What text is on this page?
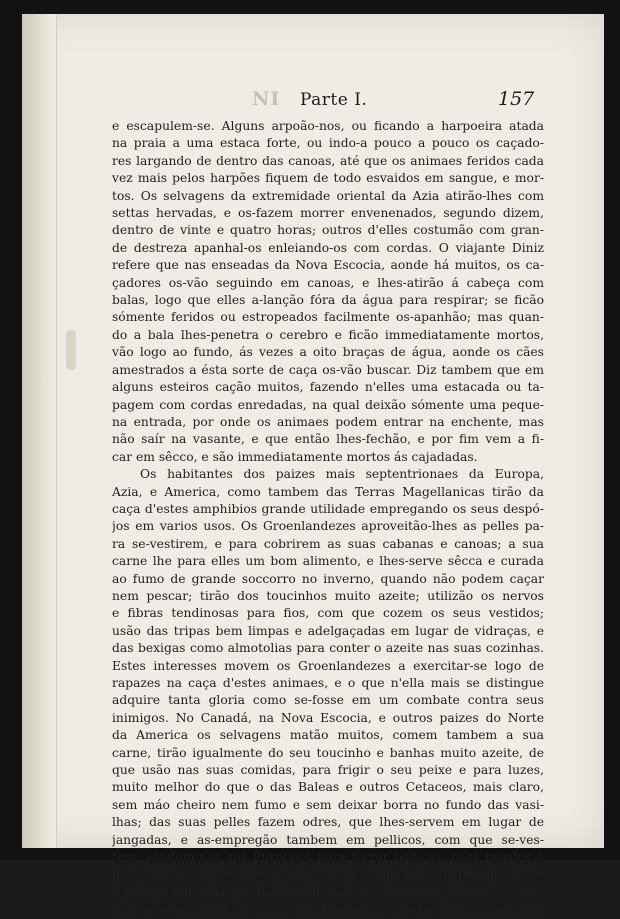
NI Parte I.	157
e escapulem-se. Alguns arpoão-nos, ou ficando a harpoeira atada
na praia a uma estaca forte, ou indo-a pouco a pouco os caçado-
res largando de dentro das canoas, até que os animaes feridos cada
vez mais pelos harpões fiquem de todo esvaidos em sangue, e mor-
tos. Os selvagens da extremidade oriental da Azia atirão-lhes com
settas hervadas, e os-fazem morrer envenenados, segundo dizem,
dentro de vinte e quatro horas; outros d'elles costumão com gran-
de destreza apanhal-os enleiando-os com cordas. O viajante Diniz
refere que nas enseadas da Nova Escocia, aonde há muitos, os ca-
çadores os-vão seguindo em canoas, e lhes-atirão á cabeça com
balas, logo que elles a-lanção fóra da água para respirar; se ficão
sómente feridos ou estropeados facilmente os-apanhão; mas quan-
do a bala lhes-penetra o cerebro e ficão immediatamente mortos,
vão logo ao fundo, ás vezes a oito braças de água, aonde os cães
amestrados a ésta sorte de caça os-vão buscar. Diz tambem que em
alguns esteiros cação muitos, fazendo n'elles uma estacada ou ta-
pagem com cordas enredadas, na qual deixão sómente uma peque-
na entrada, por onde os animaes podem entrar na enchente, mas
não saír na vasante, e que então lhes-fechão, e por fim vem a fi-
car em sêcco, e são immediatamente mortos ás cajadadas.
Os habitantes dos paizes mais septentrionaes da Europa,
Azia, e America, como tambem das Terras Magellanicas tirão da
caça d'estes amphibios grande utilidade empregando os seus despó-
jos em varios usos. Os Groenlandezes aproveitão-lhes as pelles pa-
ra se-vestirem, e para cobrirem as suas cabanas e canoas; a sua
carne lhe para elles um bom alimento, e lhes-serve sêcca e curada
ao fumo de grande soccorro no inverno, quando não podem caçar
nem pescar; tirão dos toucinhos muito azeite; utilizão os nervos
e fibras tendinosas para fios, com que cozem os seus vestidos;
usão das tripas bem limpas e adelgaçadas em lugar de vidraças, e
das bexigas como almotolias para conter o azeite nas suas cozinhas.
Estes interesses movem os Groenlandezes a exercitar-se logo de
rapazes na caça d'estes animaes, e o que n'ella mais se distingue
adquire tanta gloria como se-fosse em um combate contra seus
inimigos. No Canadá, na Nova Escocia, e outros paizes do Norte
da America os selvagens matão muitos, comem tambem a sua
carne, tirão igualmente do seu toucinho e banhas muito azeite, de
que usão nas suas comidas, para frigir o seu peixe e para luzes,
muito melhor do que o das Baleas e outros Cetaceos, mais claro,
sem máo cheiro nem fumo e sem deixar borra no fundo das vasi-
lhas; das suas pelles fazem odres, que lhes-servem em lugar de
jangadas, e as-empregão tambem em pellicos, com que se-ves-
tem; vendem-nas aos Europeos para forrar pelliças, para regalos e
para muitos outros usos; por quanto sendo bem limpas de carne
e pêlo, e curtidas por habeis Surradores são susceptiveis de toma-
rem a apparencia de coiro de Moscovia e marroquim, durão mui-
